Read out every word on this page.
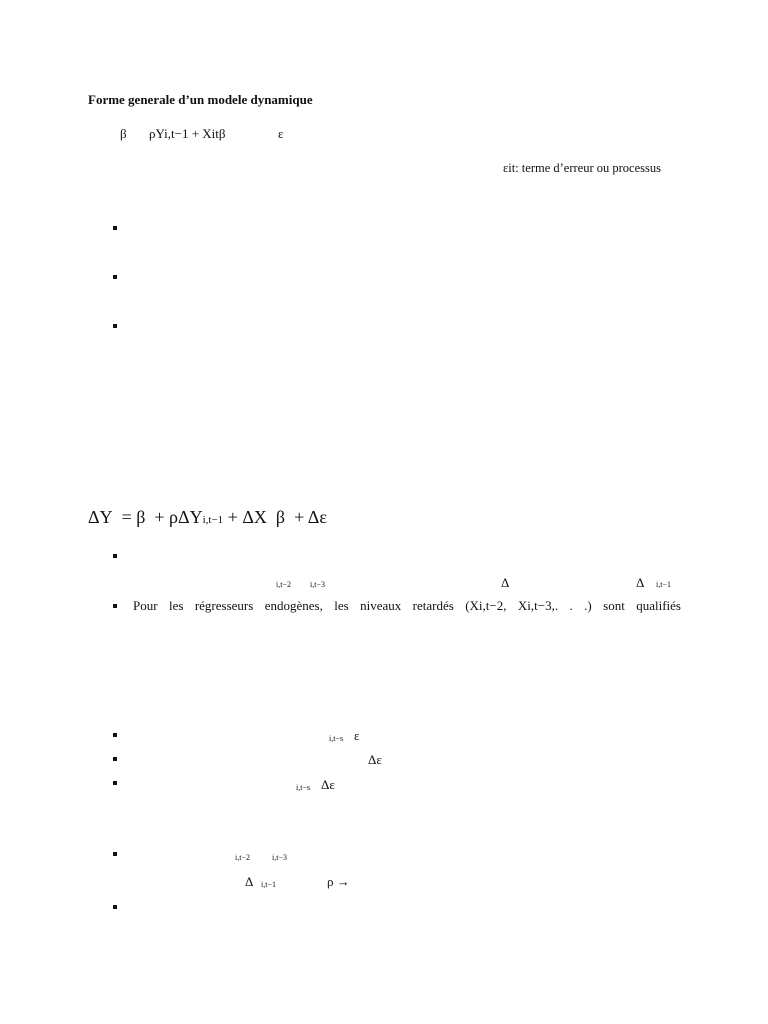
Forme generale d’un modele dynamique
β ρYi,t−1 + Xitβ	ε
εit: terme d’erreur ou processus
ΔY = β + ρΔYi,t−1 + ΔX β + Δε
i,t−2 i,t−3	Δ	Δ i,t−1
Pour les régresseurs endogènes, les niveaux retardés (Xi,t−2, Xi,t−3,. . .) sont qualifiés
i,t−s ε
Δε
i,t−s Δε
i,t−2	i,t−3
Δ i,t−1	ρ →
